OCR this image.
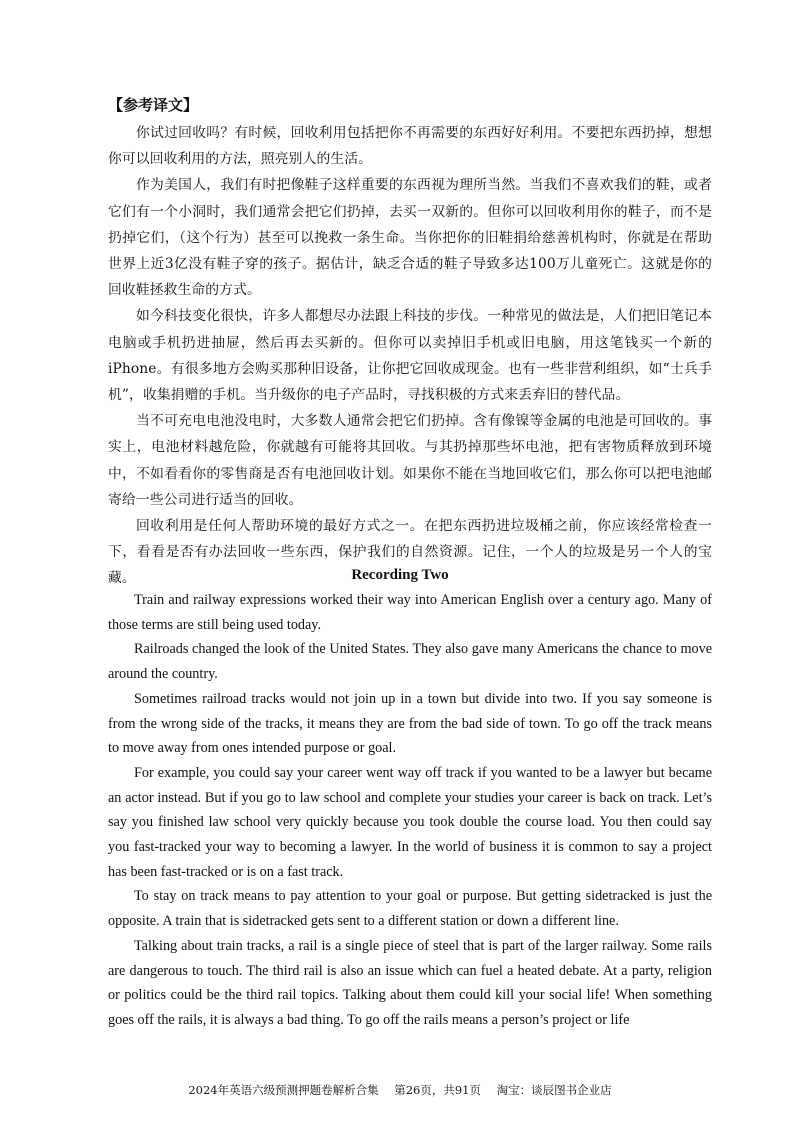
【参考译文】

你试过回收吗？有时候，回收利用包括把你不再需要的东西好好利用。不要把东西扔掉，想想你可以回收利用的方法，照亮别人的生活。

作为美国人，我们有时把像鞋子这样重要的东西视为理所当然。当我们不喜欢我们的鞋，或者它们有一个小洞时，我们通常会把它们扔掉，去买一双新的。但你可以回收利用你的鞋子，而不是扔掉它们，（这个行为）甚至可以挽救一条生命。当你把你的旧鞋捐给慈善机构时，你就是在帮助世界上近3亿没有鞋子穿的孩子。据估计，缺乏合适的鞋子导致多达100万儿童死亡。这就是你的回收鞋拯救生命的方式。

如今科技变化很快，许多人都想尽办法跟上科技的步伐。一种常见的做法是，人们把旧笔记本电脑或手机扔进抽屉，然后再去买新的。但你可以卖掉旧手机或旧电脑，用这笔钱买一个新的iPhone。有很多地方会购买那种旧设备，让你把它回收成现金。也有一些非营利组织，如“士兵手机”，收集捐赠的手机。当升级你的电子产品时，寻找积极的方式来丢弃旧的替代品。

当不可充电电池没电时，大多数人通常会把它们扔掉。含有像镍等金属的电池是可回收的。事实上，电池材料越危险，你就越有可能将其回收。与其扔掉那些坏电池，把有害物质释放到环境中，不如看看你的零售商是否有电池回收计划。如果你不能在当地回收它们，那么你可以把电池邮寄给一些公司进行适当的回收。

回收利用是任何人帮助环境的最好方式之一。在把东西扔进垃圾桶之前，你应该经常检查一下，看看是否有办法回收一些东西，保护我们的自然资源。记住，一个人的垃圾是另一个人的宝藏。	Recording Two

Train and railway expressions worked their way into American English over a century ago. Many of those terms are still being used today.

Railroads changed the look of the United States. They also gave many Americans the chance to move around the country.

Sometimes railroad tracks would not join up in a town but divide into two. If you say someone is from the wrong side of the tracks, it means they are from the bad side of town. To go off the track means to move away from ones intended purpose or goal.

For example, you could say your career went way off track if you wanted to be a lawyer but became an actor instead. But if you go to law school and complete your studies your career is back on track. Let’s say you finished law school very quickly because you took double the course load. You then could say you fast-tracked your way to becoming a lawyer. In the world of business it is common to say a project has been fast-tracked or is on a fast track.

To stay on track means to pay attention to your goal or purpose. But getting sidetracked is just the opposite. A train that is sidetracked gets sent to a different station or down a different line.

Talking about train tracks, a rail is a single piece of steel that is part of the larger railway. Some rails are dangerous to touch. The third rail is also an issue which can fuel a heated debate. At a party, religion or politics could be the third rail topics. Talking about them could kill your social life! When something goes off the rails, it is always a bad thing. To go off the rails means a person’s project or life

2024年英语六级预测押题卷解析合集 第26页，共91页 淘宝：谈辰图书企业店
